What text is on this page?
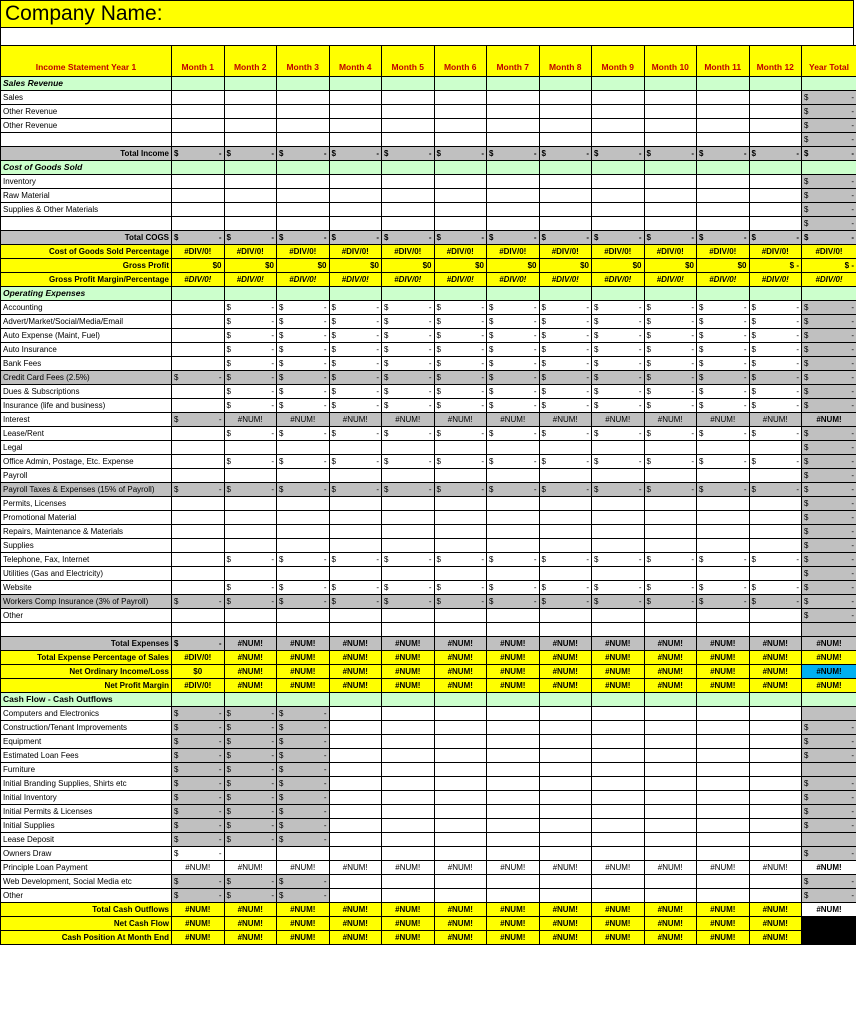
Company Name:
Income Statement Year 1	Month 1	Month 2	Month 3	Month 4	Month 5	Month 6	Month 7	Month 8	Month 9	Month 10	Month 11	Month 12	Year Total
Sales Revenue													
Sales													$ -

Other Revenue													$ -

Other Revenue													$ -

													$ -

Total Income	$ -	$ -	$ -	$ -	$ -	$ -	$ -	$ -	$ -	$ -	$ -	$ -	$ -

Cost of Goods Sold													
Inventory													$ -

Raw Material													$ -

Supplies & Other Materials													$ -

													$ -

Total COGS	$ -	$ -	$ -	$ -	$ -	$ -	$ -	$ -	$ -	$ -	$ -	$ -	$ -

Cost of Goods Sold Percentage	#DIV/0!	#DIV/0!	#DIV/0!	#DIV/0!	#DIV/0!	#DIV/0!	#DIV/0!	#DIV/0!	#DIV/0!	#DIV/0!	#DIV/0!	#DIV/0!	#DIV/0!
Gross Profit	$0	$0	$0	$0	$0	$0	$0	$0	$0	$0	$0	$ -	$ -
Gross Profit Margin/Percentage	#DIV/0!	#DIV/0!	#DIV/0!	#DIV/0!	#DIV/0!	#DIV/0!	#DIV/0!	#DIV/0!	#DIV/0!	#DIV/0!	#DIV/0!	#DIV/0!	#DIV/0!
Operating Expenses													
Accounting		$ -	$ -	$ -	$ -	$ -	$ -	$ -	$ -	$ -	$ -	$ -	$ -

Advert/Market/Social/Media/Email		$ -	$ -	$ -	$ -	$ -	$ -	$ -	$ -	$ -	$ -	$ -	$ -

Auto Expense (Maint, Fuel)		$ -	$ -	$ -	$ -	$ -	$ -	$ -	$ -	$ -	$ -	$ -	$ -

Auto Insurance		$ -	$ -	$ -	$ -	$ -	$ -	$ -	$ -	$ -	$ -	$ -	$ -

Bank Fees		$ -	$ -	$ -	$ -	$ -	$ -	$ -	$ -	$ -	$ -	$ -	$ -

Credit Card Fees (2.5%)	$ -	$ -	$ -	$ -	$ -	$ -	$ -	$ -	$ -	$ -	$ -	$ -	$ -

Dues & Subscriptions		$ -	$ -	$ -	$ -	$ -	$ -	$ -	$ -	$ -	$ -	$ -	$ -

Insurance (life and business)		$ -	$ -	$ -	$ -	$ -	$ -	$ -	$ -	$ -	$ -	$ -	$ -

Interest	$ -	#NUM!	#NUM!	#NUM!	#NUM!	#NUM!	#NUM!	#NUM!	#NUM!	#NUM!	#NUM!	#NUM!	#NUM!
Lease/Rent		$ -	$ -	$ -	$ -	$ -	$ -	$ -	$ -	$ -	$ -	$ -	$ -

Legal													$ -

Office Admin, Postage, Etc. Expense		$ -	$ -	$ -	$ -	$ -	$ -	$ -	$ -	$ -	$ -	$ -	$ -

Payroll													$ -

Payroll Taxes & Expenses (15% of Payroll)	$ -	$ -	$ -	$ -	$ -	$ -	$ -	$ -	$ -	$ -	$ -	$ -	$ -

Permits, Licenses													$ -

Promotional Material													$ -

Repairs, Maintenance & Materials													$ -

Supplies													$ -

Telephone, Fax, Internet		$ -	$ -	$ -	$ -	$ -	$ -	$ -	$ -	$ -	$ -	$ -	$ -

Utilities (Gas and Electricity)													$ -

Website		$ -	$ -	$ -	$ -	$ -	$ -	$ -	$ -	$ -	$ -	$ -	$ -

Workers Comp Insurance (3% of Payroll)	$ -	$ -	$ -	$ -	$ -	$ -	$ -	$ -	$ -	$ -	$ -	$ -	$ -

Other													$ -

Total Expenses	$ -	#NUM!	#NUM!	#NUM!	#NUM!	#NUM!	#NUM!	#NUM!	#NUM!	#NUM!	#NUM!	#NUM!	#NUM!
Total Expense Percentage of Sales	#DIV/0!	#NUM!	#NUM!	#NUM!	#NUM!	#NUM!	#NUM!	#NUM!	#NUM!	#NUM!	#NUM!	#NUM!	#NUM!
Net Ordinary Income/Loss	$0	#NUM!	#NUM!	#NUM!	#NUM!	#NUM!	#NUM!	#NUM!	#NUM!	#NUM!	#NUM!	#NUM!	#NUM!
Net Profit Margin	#DIV/0!	#NUM!	#NUM!	#NUM!	#NUM!	#NUM!	#NUM!	#NUM!	#NUM!	#NUM!	#NUM!	#NUM!	#NUM!
Cash Flow - Cash Outflows													
Computers and Electronics	$ -	$ -	$ -										

Construction/Tenant Improvements	$ -	$ -	$ -										$ -

Equipment	$ -	$ -	$ -										$ -

Estimated Loan Fees	$ -	$ -	$ -										$ -

Furniture	$ -	$ -	$ -										

Initial Branding Supplies, Shirts etc	$ -	$ -	$ -										$ -

Initial Inventory	$ -	$ -	$ -										$ -

Initial Permits & Licenses	$ -	$ -	$ -										$ -

Initial Supplies	$ -	$ -	$ -										$ -

Lease Deposit	$ -	$ -	$ -										

Owners Draw	$ -												$ -

Principle Loan Payment	#NUM!	#NUM!	#NUM!	#NUM!	#NUM!	#NUM!	#NUM!	#NUM!	#NUM!	#NUM!	#NUM!	#NUM!	#NUM!
Web Development, Social Media etc	$ -	$ -	$ -										$ -

Other	$ -	$ -	$ -										$ -

Total Cash Outflows	#NUM!	#NUM!	#NUM!	#NUM!	#NUM!	#NUM!	#NUM!	#NUM!	#NUM!	#NUM!	#NUM!	#NUM!	#NUM!
Net Cash Flow	#NUM!	#NUM!	#NUM!	#NUM!	#NUM!	#NUM!	#NUM!	#NUM!	#NUM!	#NUM!	#NUM!	#NUM!	
Cash Position At Month End	#NUM!	#NUM!	#NUM!	#NUM!	#NUM!	#NUM!	#NUM!	#NUM!	#NUM!	#NUM!	#NUM!	#NUM!	
